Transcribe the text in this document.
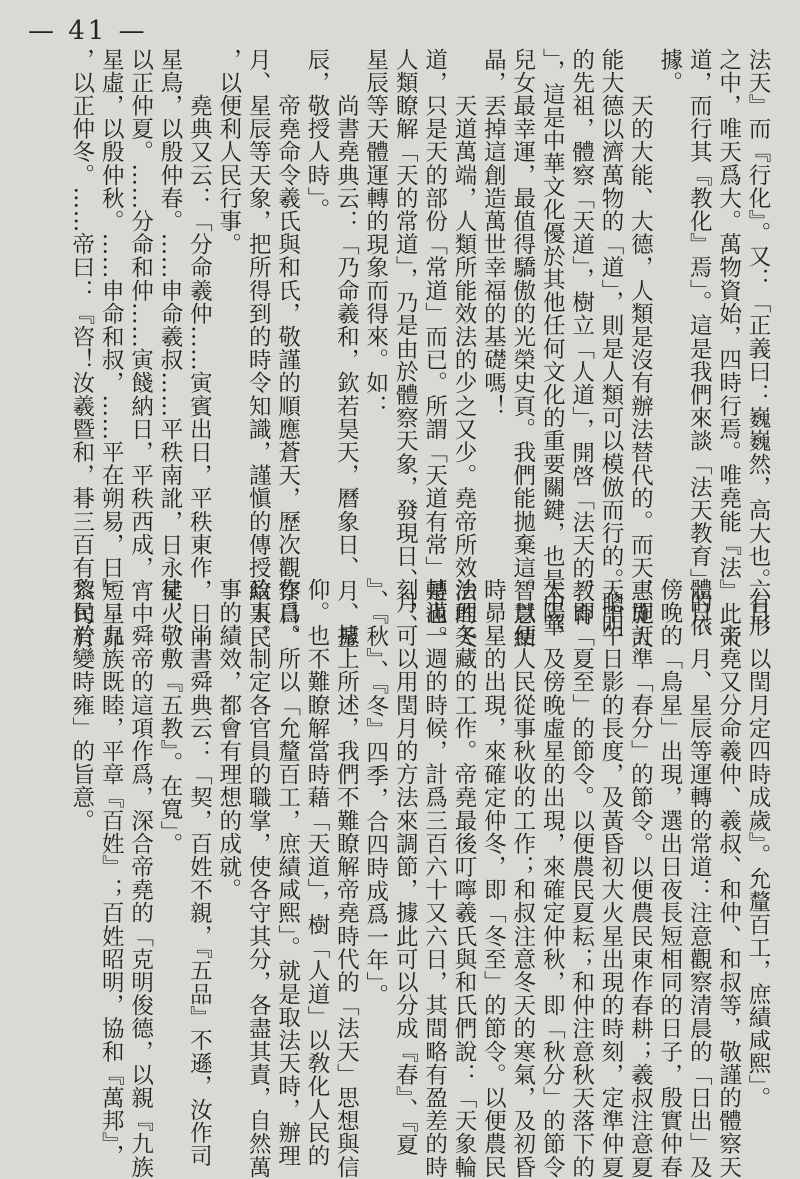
— 41 —
法天』而『行化』。又：「正義曰：巍巍然，高大也。有形
之中，唯天爲大。萬物資始，四時行焉。唯堯能『法』此天
道，而行其『教化』焉」。這是我們來談「法天教育」的依
據。
　　天的大能、大德，人類是沒有辦法替代的。而天惠施大
能大德以濟萬物的「道」，則是人類可以模倣而行的。聰明
的先祖，體察「天道」，樹立「人道」，開啓「法天的教育
」，這是中華文化優於其他任何文化的重要關鍵，也是中華
兒女最幸運，最值得驕傲的光榮史頁。我們能拋棄這智慧結
晶，丟掉這創造萬世幸福的基礎嗎！
　　天道萬端，人類所能效法的少之又少。堯帝所效法的天
道，只是天的部份「常道」而已。所謂「天道有常」是也。
人類瞭解「天的常道」，乃是由於體察天象，發現日、月、
星辰等天體運轉的現象而得來。如：
　　尚書堯典云：「乃命羲和，欽若昊天，曆象日、月、星
辰，敬授人時」。
　　帝堯命令羲氏與和氏，敬謹的順應蒼天，歷次觀察日、
月、星辰等天象，把所得到的時令知識，謹愼的傳授給人民
，以便利人民行事。
　　堯典又云：「分命羲仲……寅賓出日，平秩東作，日中
星鳥，以殷仲春。……申命羲叔……平秩南訛，日永星火，
以正仲夏。……分命和仲……寅餞納日，平秩西成，宵中
星虛，以殷仲秋。……申命和叔，……平在朔易，日短星昴
，以正仲冬。……帝曰：『咨！汝羲暨和，朞三百有六旬有
六日，以閏月定四時成歲』。允釐百工，庶績咸熙」。
　　帝堯又分命羲仲、羲叔、和仲、和叔等，敬謹的體察天
體日、月、星辰等運轉的常道：注意觀察清晨的「日出」及
傍晚的「鳥星」出現，選出日夜長短相同的日子，殷實仲春
，即訂準「春分」的節令。以便農民東作春耕；羲叔注意夏
天中午日影的長度，及黃昏初大火星出現的時刻，定準仲夏
，即「夏至」的節令。以便農民夏耘；和仲注意秋天落下的
太陽，及傍晚虛星的出現，來確定仲秋，即「秋分」的節令
。以便人民從事秋收的工作；和叔注意冬天的寒氣，及初昏
時昴星的出現，來確定仲冬，即「冬至」的節令。以便農民
治理冬藏的工作。帝堯最後叮嚀羲氏與和氏們說：「天象輪
轉滿一週的時候，計爲三百六十又六日，其間略有盈差的時
刻，可以用閏月的方法來調節，據此可以分成『春』、『夏
』、『秋』、『冬』四季，合四時成爲一年」。
　　據上所述，我們不難瞭解帝堯時代的「法天」思想與信
仰。也不難瞭解當時藉「天道」，樹「人道」以敎化人民的
作爲。所以「允釐百工，庶績咸熙」。就是取法天時，辦理
政事。制定各官員的職掌，使各守其分，各盡其責，自然萬
事的績效，都會有理想的成就。
　　尚書舜典云：「契，百姓不親，『五品』不遜，汝作司
徒，敬敷『五教』。在寬」。
　　舜帝的這項作爲，深合帝堯的「克明俊德，以親『九族
』；九族既睦，平章『百姓』；百姓昭明，協和『萬邦』，
黎民於變時雍」的旨意。
